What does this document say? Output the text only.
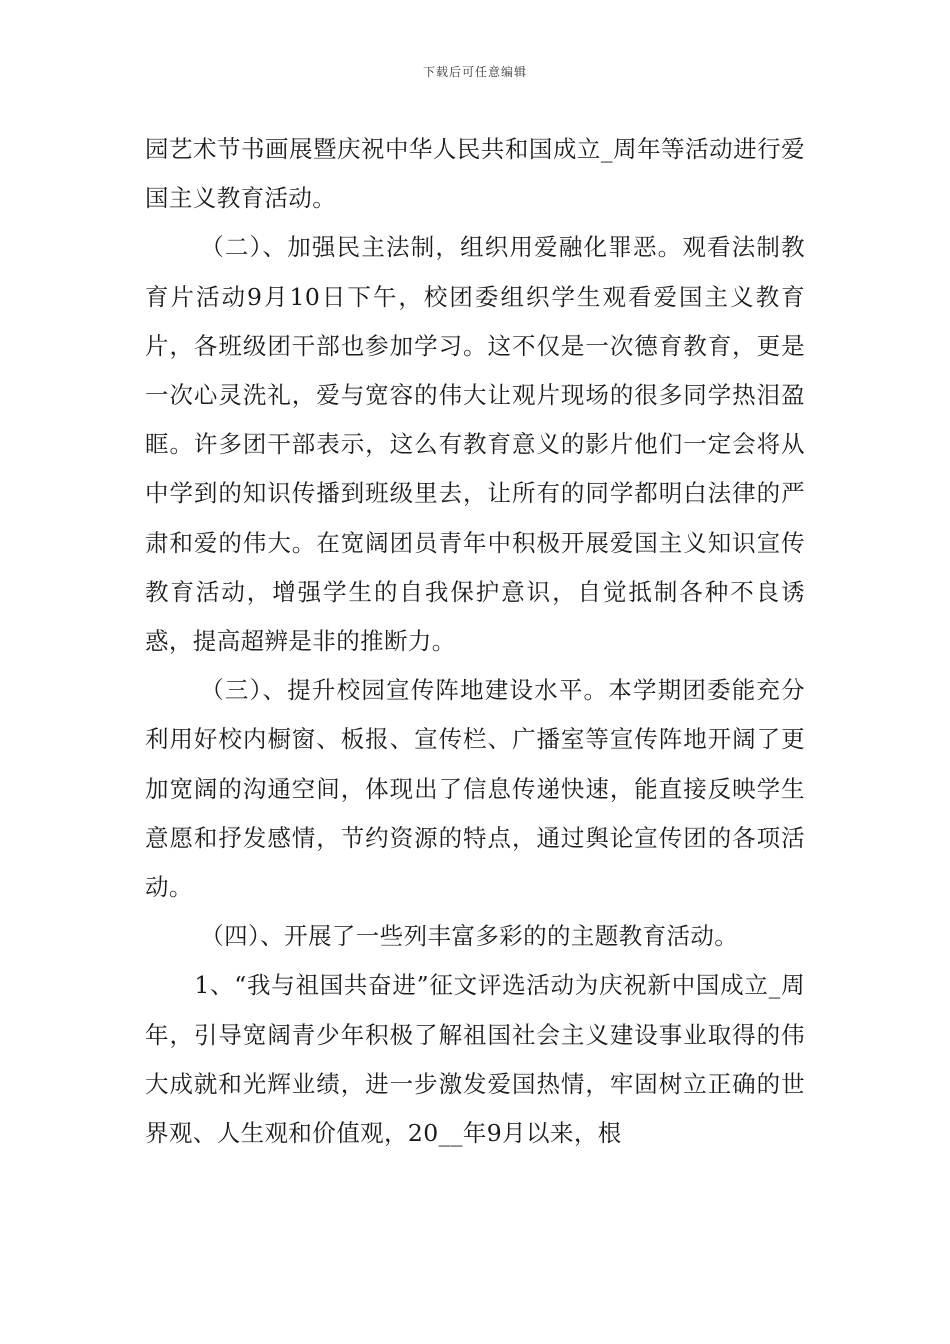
下载后可任意编辑

园艺术节书画展暨庆祝中华人民共和国成立_周年等活动进行爱国主义教育活动。

（二）、加强民主法制，组织用爱融化罪恶。观看法制教育片活动9月10日下午，校团委组织学生观看爱国主义教育片，各班级团干部也参加学习。这不仅是一次德育教育，更是一次心灵洗礼，爱与宽容的伟大让观片现场的很多同学热泪盈眶。许多团干部表示，这么有教育意义的影片他们一定会将从中学到的知识传播到班级里去，让所有的同学都明白法律的严肃和爱的伟大。在宽阔团员青年中积极开展爱国主义知识宣传教育活动，增强学生的自我保护意识，自觉抵制各种不良诱惑，提高超辨是非的推断力。

（三）、提升校园宣传阵地建设水平。本学期团委能充分利用好校内橱窗、板报、宣传栏、广播室等宣传阵地开阔了更加宽阔的沟通空间，体现出了信息传递快速，能直接反映学生意愿和抒发感情，节约资源的特点，通过舆论宣传团的各项活动。

（四）、开展了一些列丰富多彩的的主题教育活动。

1、“我与祖国共奋进”征文评选活动为庆祝新中国成立_周年，引导宽阔青少年积极了解祖国社会主义建设事业取得的伟大成就和光辉业绩，进一步激发爱国热情，牢固树立正确的世界观、人生观和价值观，20__年9月以来，根
